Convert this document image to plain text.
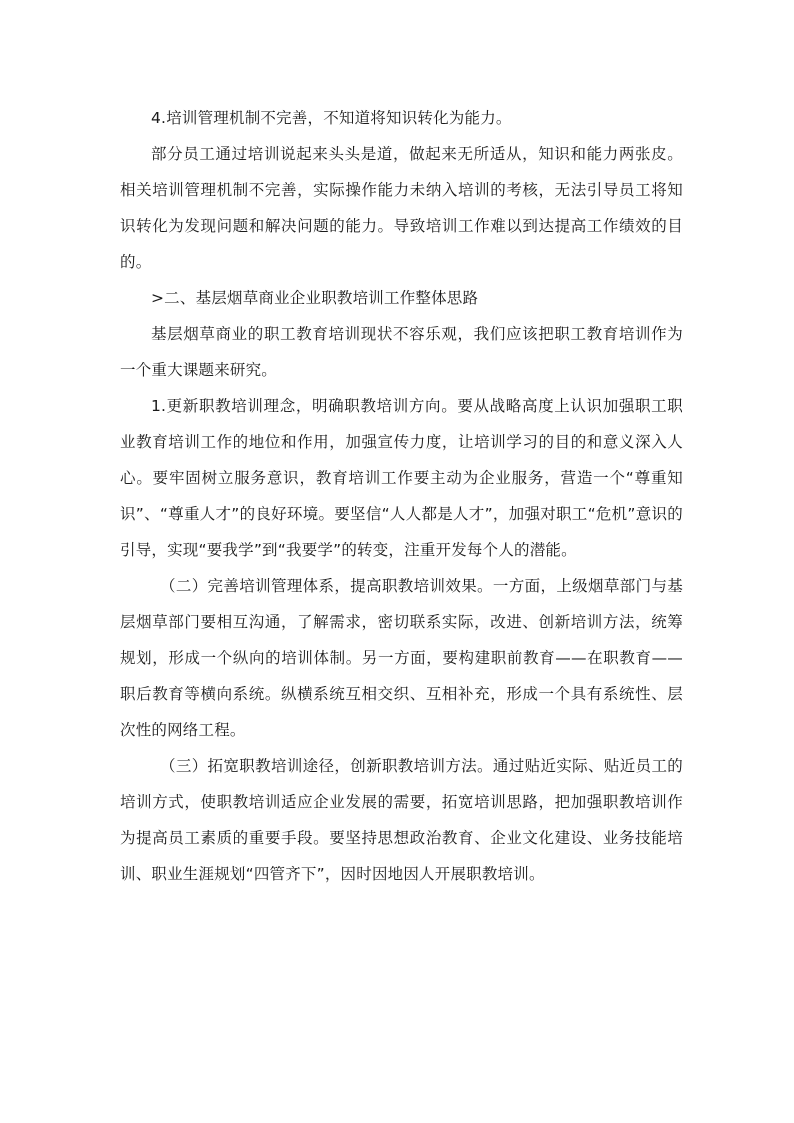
4.培训管理机制不完善，不知道将知识转化为能力。

部分员工通过培训说起来头头是道，做起来无所适从，知识和能力两张皮。相关培训管理机制不完善，实际操作能力未纳入培训的考核，无法引导员工将知识转化为发现问题和解决问题的能力。导致培训工作难以到达提高工作绩效的目的。

>二、基层烟草商业企业职教培训工作整体思路

基层烟草商业的职工教育培训现状不容乐观，我们应该把职工教育培训作为一个重大课题来研究。

1.更新职教培训理念，明确职教培训方向。要从战略高度上认识加强职工职业教育培训工作的地位和作用，加强宣传力度，让培训学习的目的和意义深入人心。要牢固树立服务意识，教育培训工作要主动为企业服务，营造一个“尊重知识”、“尊重人才”的良好环境。要坚信“人人都是人才”，加强对职工“危机”意识的引导，实现“要我学”到“我要学”的转变，注重开发每个人的潜能。

（二）完善培训管理体系，提高职教培训效果。一方面，上级烟草部门与基层烟草部门要相互沟通，了解需求，密切联系实际，改进、创新培训方法，统筹规划，形成一个纵向的培训体制。另一方面，要构建职前教育——在职教育——职后教育等横向系统。纵横系统互相交织、互相补充，形成一个具有系统性、层次性的网络工程。

（三）拓宽职教培训途径，创新职教培训方法。通过贴近实际、贴近员工的培训方式，使职教培训适应企业发展的需要，拓宽培训思路，把加强职教培训作为提高员工素质的重要手段。要坚持思想政治教育、企业文化建设、业务技能培训、职业生涯规划“四管齐下”，因时因地因人开展职教培训。
